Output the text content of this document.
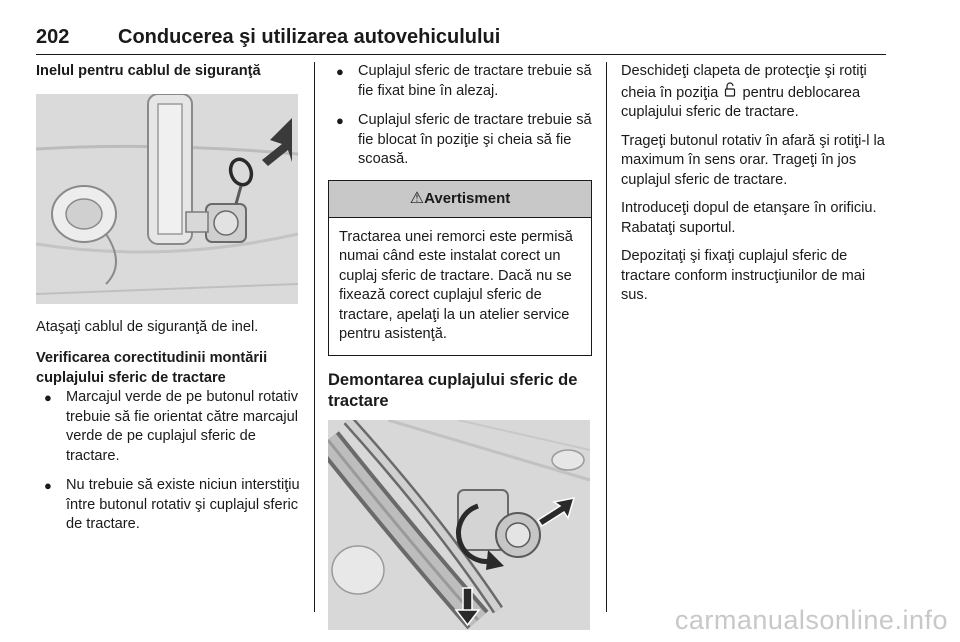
202 Conducerea şi utilizarea autovehiculului

Inelul pentru cablul de siguranţă

Ataşaţi cablul de siguranţă de inel.

Verificarea corectitudinii montării cuplajului sferic de tractare

● Marcajul verde de pe butonul rotativ trebuie să fie orientat către marcajul verde de pe cuplajul sferic de tractare.
● Nu trebuie să existe niciun interstiţiu între butonul rotativ şi cuplajul sferic de tractare.
● Cuplajul sferic de tractare trebuie să fie fixat bine în alezaj.
● Cuplajul sferic de tractare trebuie să fie blocat în poziţie şi cheia să fie scoasă.
⚠Avertisment
Tractarea unei remorci este permisă numai când este instalat corect un cuplaj sferic de tractare. Dacă nu se fixează corect cuplajul sferic de tractare, apelaţi la un atelier service pentru asistenţă.

Demontarea cuplajului sferic de tractare

Deschideţi clapeta de protecţie şi rotiţi cheia în poziţia pentru deblocarea cuplajului sferic de tractare.

Trageţi butonul rotativ în afară şi rotiţi-l la maximum în sens orar. Trageţi în jos cuplajul sferic de tractare.

Introduceţi dopul de etanşare în orificiu. Rabataţi suportul.

Depozitaţi şi fixaţi cuplajul sferic de tractare conform instrucţiunilor de mai sus.

carmanualsonline.info
